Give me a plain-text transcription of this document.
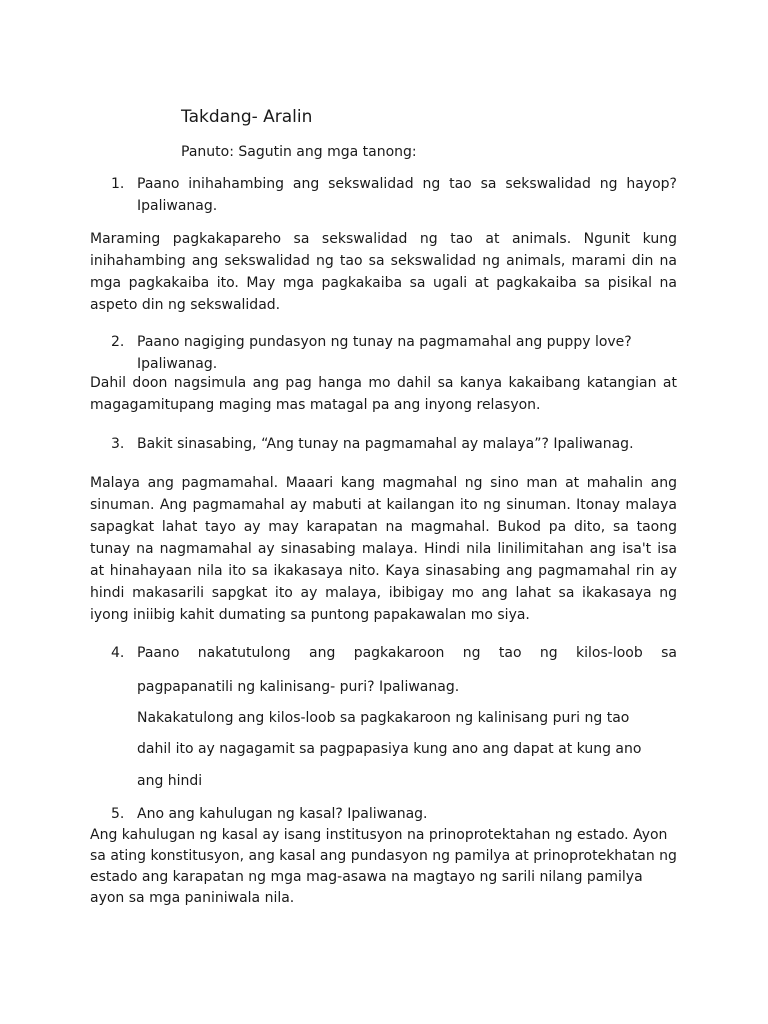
Takdang- Aralin

Panuto: Sagutin ang mga tanong:

1. Paano inihahambing ang sekswalidad ng tao sa sekswalidad ng hayop? Ipaliwanag.

Maraming pagkakapareho sa sekswalidad ng tao at animals. Ngunit kung inihahambing ang sekswalidad ng tao sa sekswalidad ng animals, marami din na mga pagkakaiba ito. May mga pagkakaiba sa ugali at pagkakaiba sa pisikal na aspeto din ng sekswalidad.

2. Paano nagiging pundasyon ng tunay na pagmamahal ang puppy love? Ipaliwanag.

Dahil doon nagsimula ang pag hanga mo dahil sa kanya kakaibang katangian at magagamitupang maging mas matagal pa ang inyong relasyon.

3. Bakit sinasabing, “Ang tunay na pagmamahal ay malaya”? Ipaliwanag.

Malaya ang pagmamahal. Maaari kang magmahal ng sino man at mahalin ang sinuman. Ang pagmamahal ay mabuti at kailangan ito ng sinuman. Itonay malaya sapagkat lahat tayo ay may karapatan na magmahal. Bukod pa dito, sa taong tunay na nagmamahal ay sinasabing malaya. Hindi nila linilimitahan ang isa't isa at hinahayaan nila ito sa ikakasaya nito. Kaya sinasabing ang pagmamahal rin ay hindi makasarili sapgkat ito ay malaya, ibibigay mo ang lahat sa ikakasaya ng iyong iniibig kahit dumating sa puntong papakawalan mo siya.

4. Paano nakatutulong ang pagkakaroon ng tao ng kilos-loob sa

pagpapanatili ng kalinisang- puri? Ipaliwanag.

Nakakatulong ang kilos-loob sa pagkakaroon ng kalinisang puri ng tao

dahil ito ay nagagamit sa pagpapasiya kung ano ang dapat at kung ano

ang hindi

5. Ano ang kahulugan ng kasal? Ipaliwanag.

Ang kahulugan ng kasal ay isang institusyon na prinoprotektahan ng estado. Ayon sa ating konstitusyon, ang kasal ang pundasyon ng pamilya at prinoprotekhatan ng estado ang karapatan ng mga mag-asawa na magtayo ng sarili nilang pamilya ayon sa mga paniniwala nila.
